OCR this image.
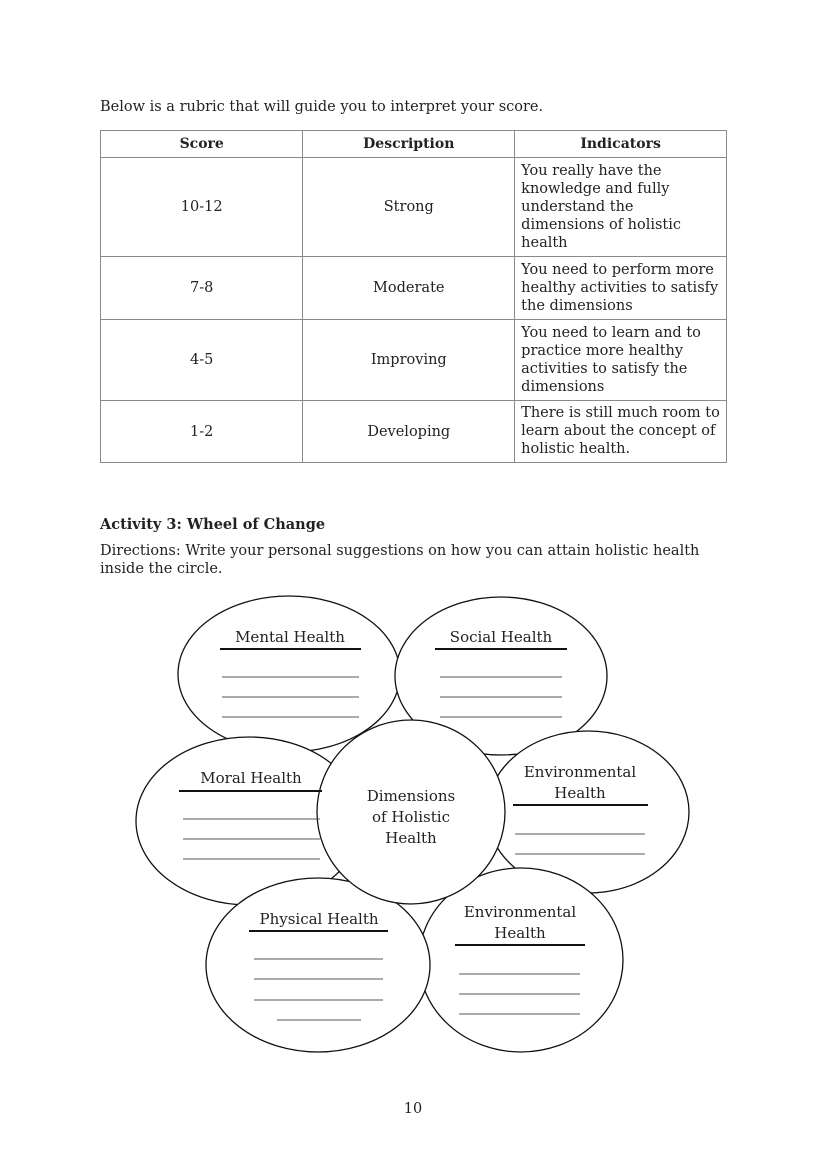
Below is a rubric that will guide you to interpret your score.
Score	Description	Indicators
10-12	Strong	You really have the knowledge and fully understand the dimensions of holistic health
7-8	Moderate	You need to perform more healthy activities to satisfy the dimensions
4-5	Improving	You need to learn and to practice more healthy activities to satisfy the dimensions
1-2	Developing	There is still much room to learn about the concept of holistic health.
Activity 3: Wheel of Change
Directions: Write your personal suggestions on how you can attain holistic health inside the circle.
Mental Health	Social Health
Moral Health	Environmental
Health
Dimensions
of Holistic
Health
Physical Health	Environmental
Health
10
